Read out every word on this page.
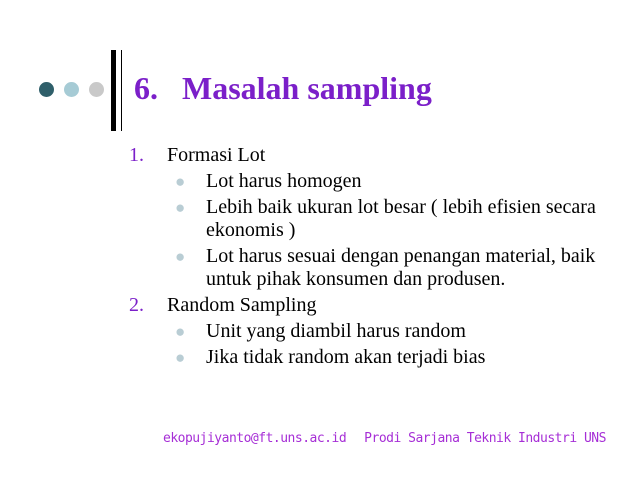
6. Masalah sampling
1. Formasi Lot
● Lot harus homogen
● Lebih baik ukuran lot besar ( lebih efisien secara ekonomis )
● Lot harus sesuai dengan penangan material, baik untuk pihak konsumen dan produsen.
2. Random Sampling
● Unit yang diambil harus random
● Jika tidak random akan terjadi bias
ekopujiyanto@ft.uns.ac.id Prodi Sarjana Teknik Industri UNS
